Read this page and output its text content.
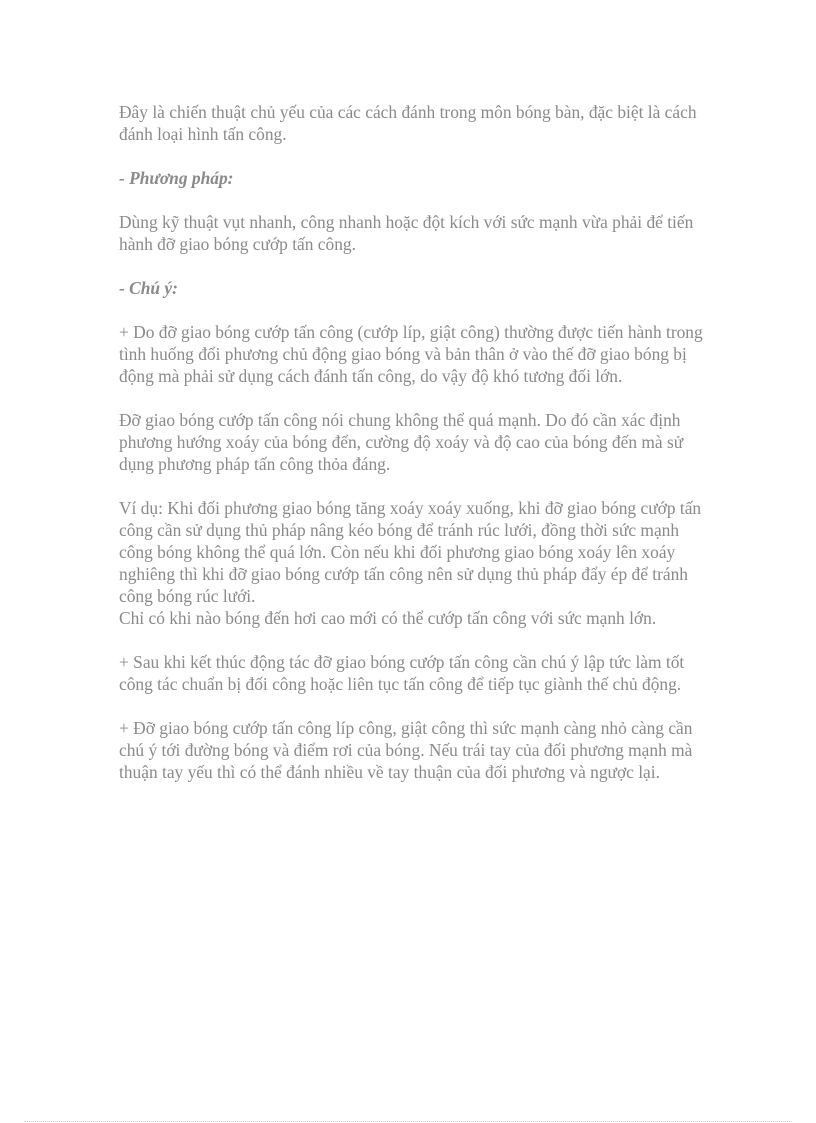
Đây là chiến thuật chủ yếu của các cách đánh trong môn bóng bàn, đặc biệt là cách đánh loại hình tấn công.

- Phương pháp:

Dùng kỹ thuật vụt nhanh, công nhanh hoặc đột kích với sức mạnh vừa phải để tiến hành đỡ giao bóng cướp tấn công.

- Chú ý:

+ Do đỡ giao bóng cướp tấn công (cướp líp, giật công) thường được tiến hành trong tình huống đối phương chủ động giao bóng và bản thân ở vào thế đỡ giao bóng bị động mà phải sử dụng cách đánh tấn công, do vậy độ khó tương đối lớn.

Đỡ giao bóng cướp tấn công nói chung không thể quá mạnh. Do đó cần xác định phương hướng xoáy của bóng đến, cường độ xoáy và độ cao của bóng đến mà sử dụng phương pháp tấn công thỏa đáng.

Ví dụ: Khi đối phương giao bóng tăng xoáy xoáy xuống, khi đỡ giao bóng cướp tấn công cần sử dụng thủ pháp nâng kéo bóng để tránh rúc lưới, đồng thời sức mạnh công bóng không thể quá lớn. Còn nếu khi đối phương giao bóng xoáy lên xoáy nghiêng thì khi đỡ giao bóng cướp tấn công nên sử dụng thủ pháp đẩy ép để tránh công bóng rúc lưới.

Chỉ có khi nào bóng đến hơi cao mới có thể cướp tấn công với sức mạnh lớn.

+ Sau khi kết thúc động tác đỡ giao bóng cướp tấn công cần chú ý lập tức làm tốt công tác chuẩn bị đối công hoặc liên tục tấn công để tiếp tục giành thế chủ động.

+ Đỡ giao bóng cướp tấn công líp công, giật công thì sức mạnh càng nhỏ càng cần chú ý tới đường bóng và điểm rơi của bóng. Nếu trái tay của đối phương mạnh mà thuận tay yếu thì có thể đánh nhiều về tay thuận của đối phương và ngược lại.
